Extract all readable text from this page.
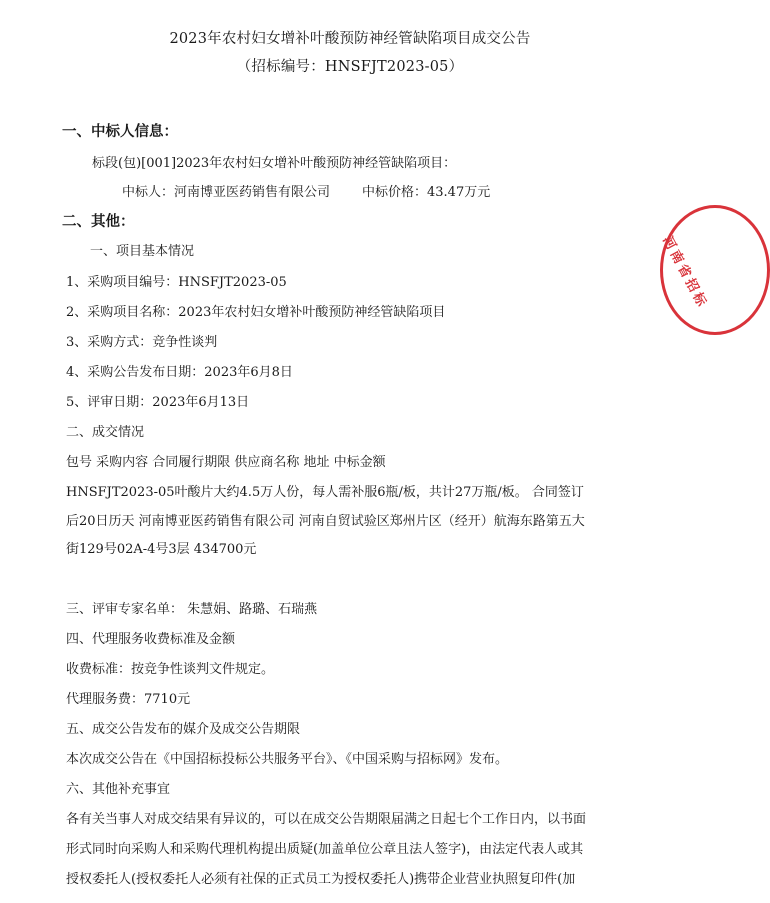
2023年农村妇女增补叶酸预防神经管缺陷项目成交公告
（招标编号：HNSFJT2023-05）
一、中标人信息：
标段(包)[001]2023年农村妇女增补叶酸预防神经管缺陷项目：
中标人：河南博亚医药销售有限公司 中标价格：43.47万元
二、其他：
一、项目基本情况
1、采购项目编号：HNSFJT2023-05
2、采购项目名称：2023年农村妇女增补叶酸预防神经管缺陷项目
3、采购方式：竞争性谈判
4、采购公告发布日期：2023年6月8日
5、评审日期：2023年6月13日
二、成交情况
包号 采购内容 合同履行期限 供应商名称 地址 中标金额
HNSFJT2023-05叶酸片大约4.5万人份，每人需补服6瓶/板，共计27万瓶/板。 合同签订
后20日历天 河南博亚医药销售有限公司 河南自贸试验区郑州片区（经开）航海东路第五大
街129号02A-4号3层 434700元
三、评审专家名单： 朱慧娟、路璐、石瑞燕
四、代理服务收费标准及金额
收费标准：按竞争性谈判文件规定。
代理服务费：7710元
五、成交公告发布的媒介及成交公告期限
本次成交公告在《中国招标投标公共服务平台》、《中国采购与招标网》发布。
六、其他补充事宜
各有关当事人对成交结果有异议的，可以在成交公告期限届满之日起七个工作日内，以书面
形式同时向采购人和采购代理机构提出质疑(加盖单位公章且法人签字)，由法定代表人或其
授权委托人(授权委托人必须有社保的正式员工为授权委托人)携带企业营业执照复印件(加
河南省招标
